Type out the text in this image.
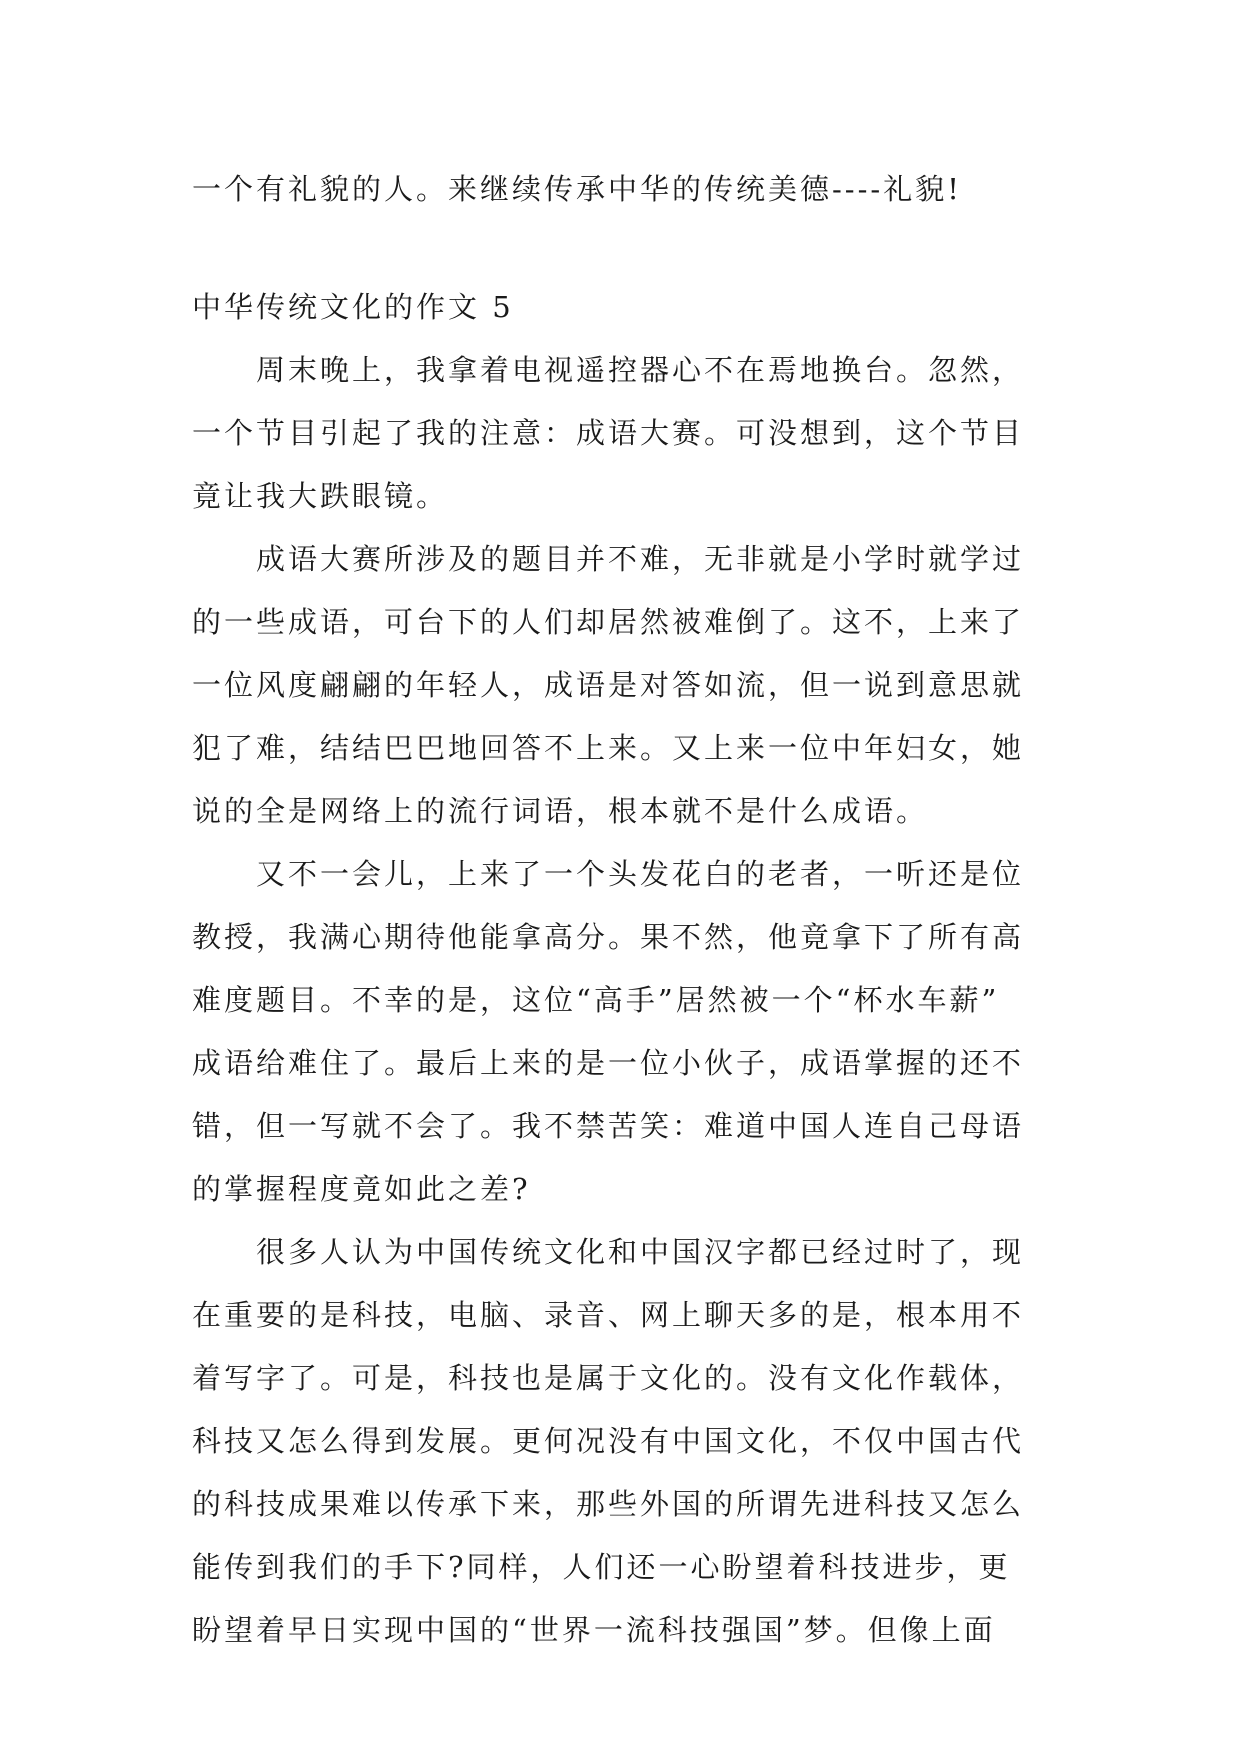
一个有礼貌的人。来继续传承中华的传统美德----礼貌!

中华传统文化的作文 5

　　周末晚上，我拿着电视遥控器心不在焉地换台。忽然，

一个节目引起了我的注意：成语大赛。可没想到，这个节目

竟让我大跌眼镜。

　　成语大赛所涉及的题目并不难，无非就是小学时就学过

的一些成语，可台下的人们却居然被难倒了。这不，上来了

一位风度翩翩的年轻人，成语是对答如流，但一说到意思就

犯了难，结结巴巴地回答不上来。又上来一位中年妇女，她

说的全是网络上的流行词语，根本就不是什么成语。

　　又不一会儿，上来了一个头发花白的老者，一听还是位

教授，我满心期待他能拿高分。果不然，他竟拿下了所有高

难度题目。不幸的是，这位“高手”居然被一个“杯水车薪”

成语给难住了。最后上来的是一位小伙子，成语掌握的还不

错，但一写就不会了。我不禁苦笑：难道中国人连自己母语

的掌握程度竟如此之差?

　　很多人认为中国传统文化和中国汉字都已经过时了，现

在重要的是科技，电脑、录音、网上聊天多的是，根本用不

着写字了。可是，科技也是属于文化的。没有文化作载体，

科技又怎么得到发展。更何况没有中国文化，不仅中国古代

的科技成果难以传承下来，那些外国的所谓先进科技又怎么

能传到我们的手下?同样，人们还一心盼望着科技进步，更

盼望着早日实现中国的“世界一流科技强国”梦。但像上面
